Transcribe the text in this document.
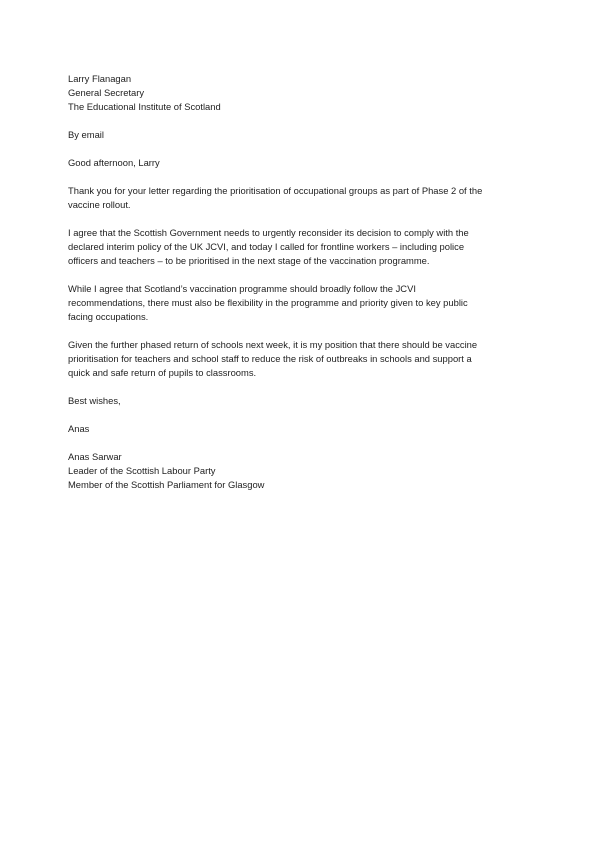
Larry Flanagan
General Secretary
The Educational Institute of Scotland
By email
Good afternoon, Larry
Thank you for your letter regarding the prioritisation of occupational groups as part of Phase 2 of the
vaccine rollout.
I agree that the Scottish Government needs to urgently reconsider its decision to comply with the
declared interim policy of the UK JCVI, and today I called for frontline workers – including police
officers and teachers – to be prioritised in the next stage of the vaccination programme.
While I agree that Scotland’s vaccination programme should broadly follow the JCVI
recommendations, there must also be flexibility in the programme and priority given to key public
facing occupations.
Given the further phased return of schools next week, it is my position that there should be vaccine
prioritisation for teachers and school staff to reduce the risk of outbreaks in schools and support a
quick and safe return of pupils to classrooms.
Best wishes,
Anas
Anas Sarwar
Leader of the Scottish Labour Party
Member of the Scottish Parliament for Glasgow
